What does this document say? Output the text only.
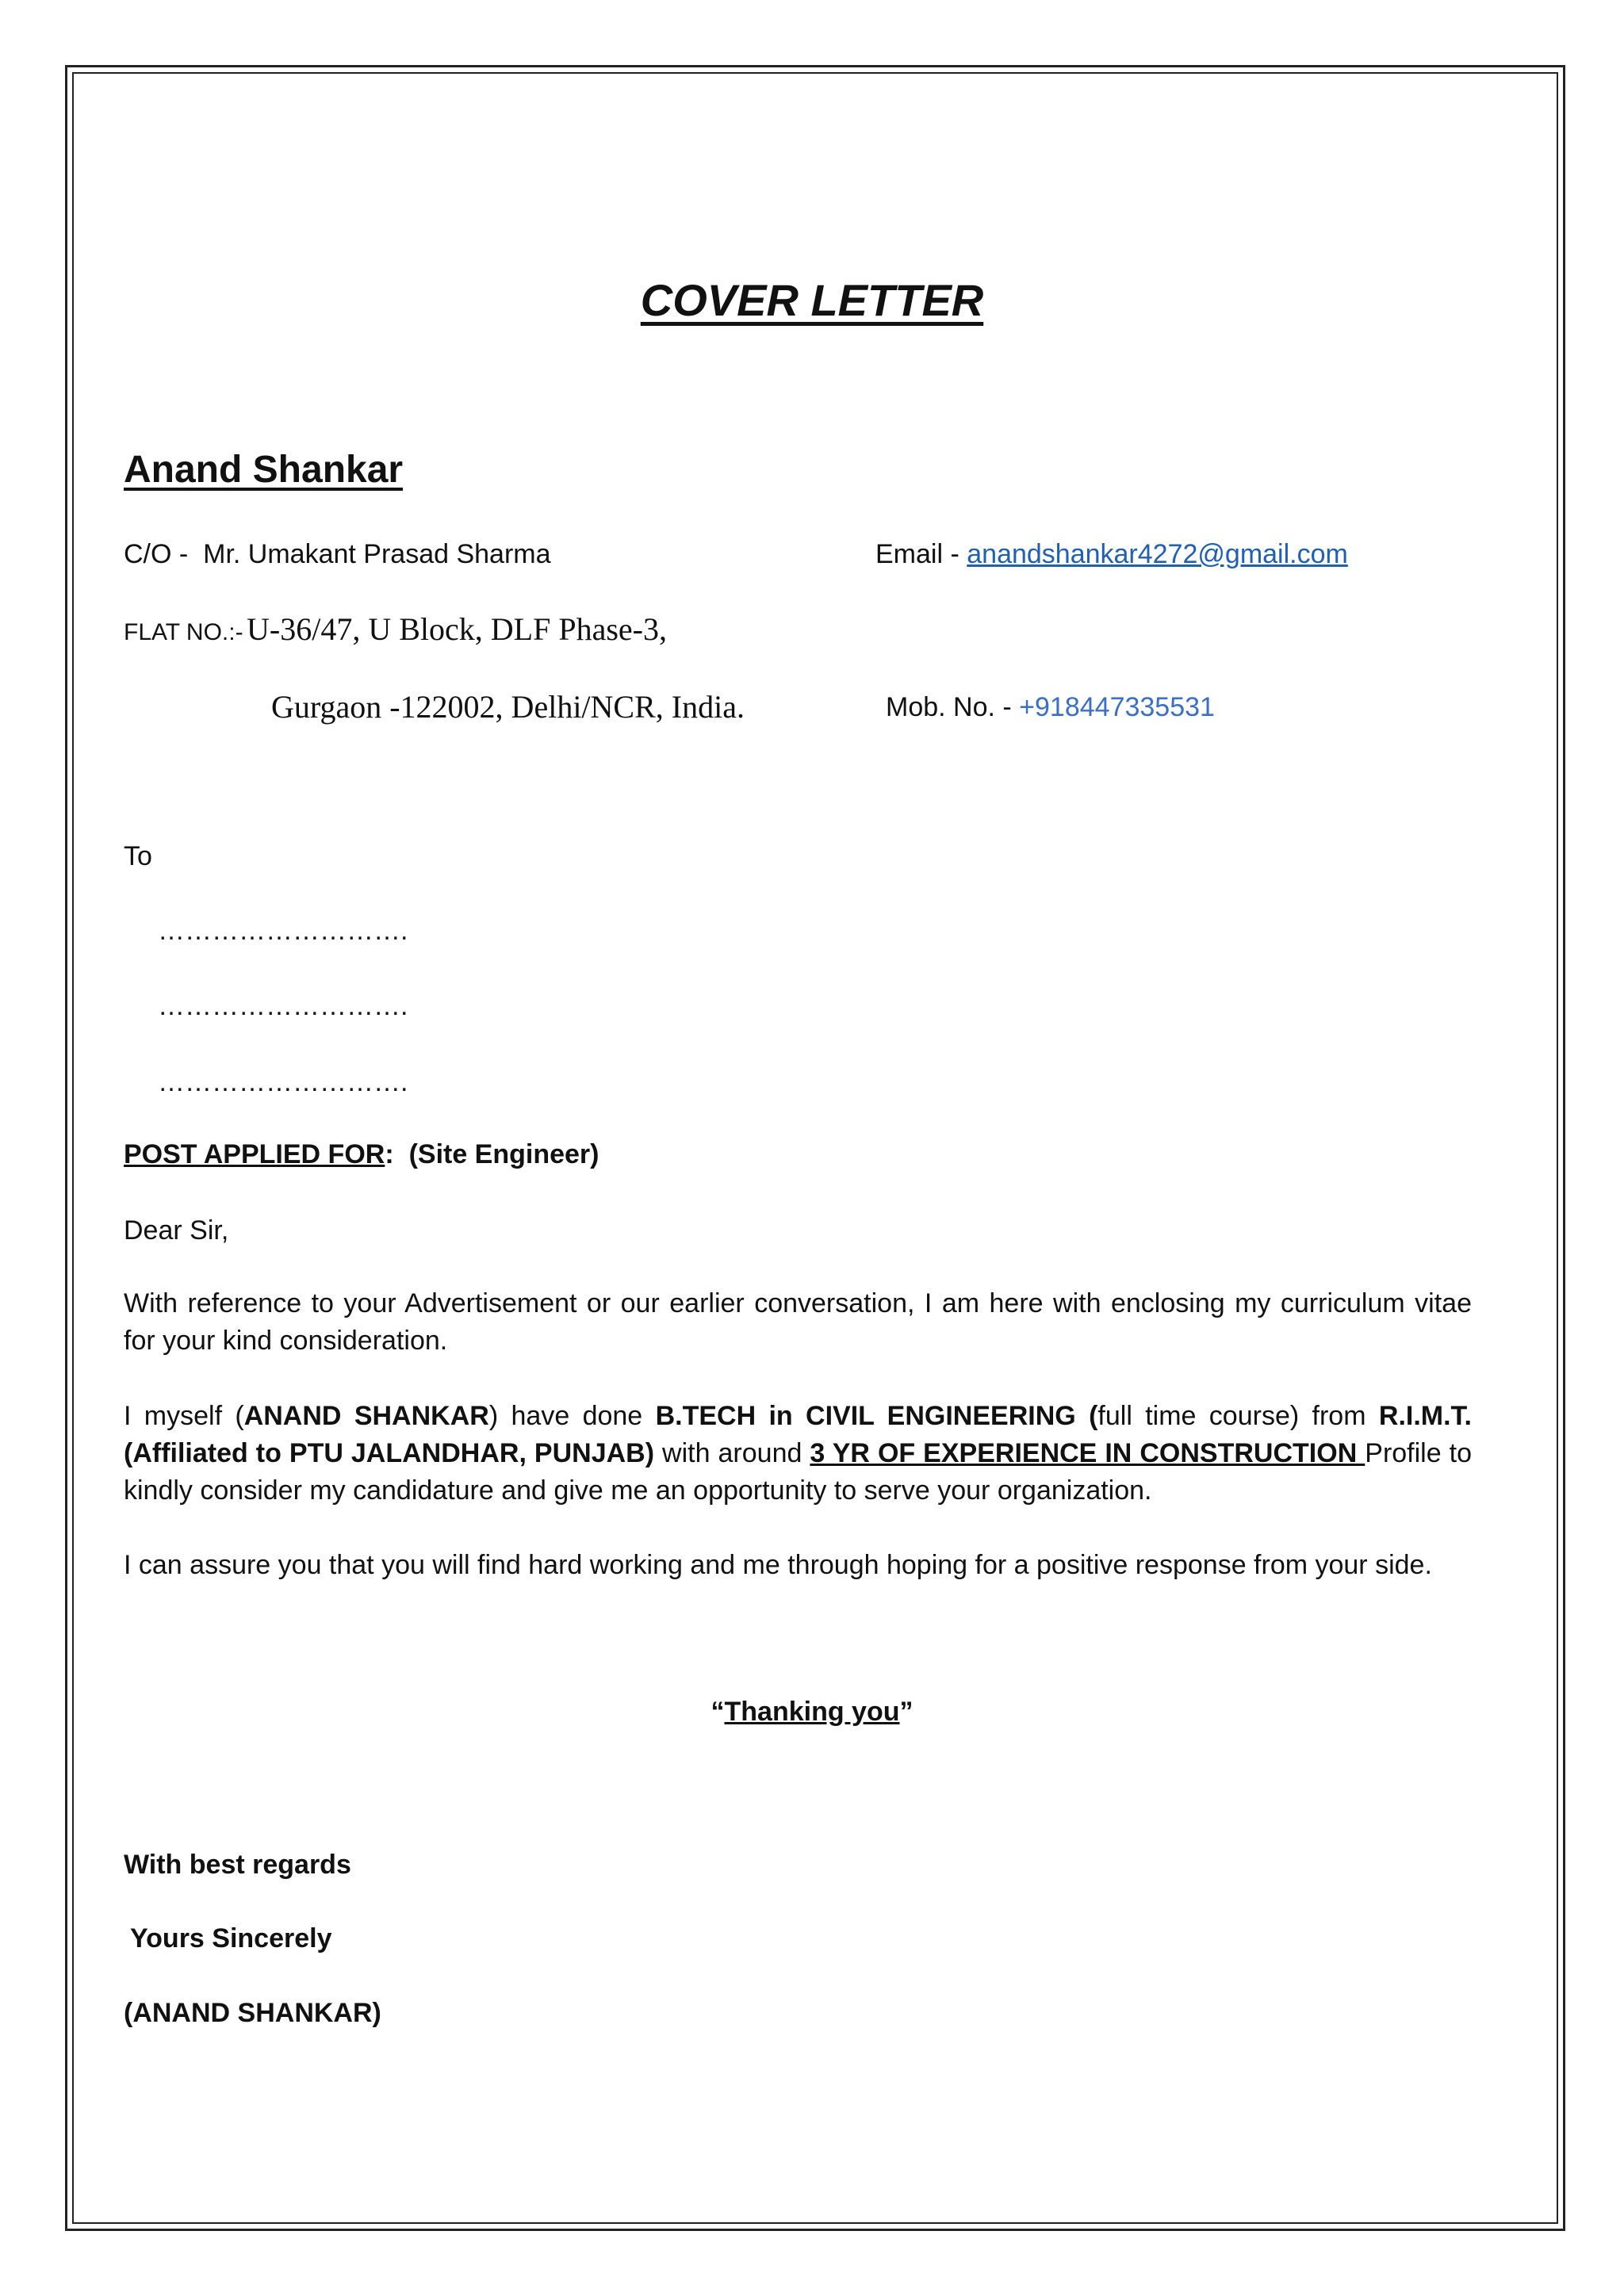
COVER LETTER
Anand Shankar
C/O - Mr. Umakant Prasad Sharma	Email - anandshankar4272@gmail.com
FLAT NO.:- U-36/47, U Block, DLF Phase-3,
Gurgaon -122002, Delhi/NCR, India.	Mob. No. - +918447335531
To
……………………….
……………………….
……………………….
POST APPLIED FOR: (Site Engineer)
Dear Sir,
With reference to your Advertisement or our earlier conversation, I am here with enclosing my curriculum vitae for your kind consideration.
I myself (ANAND SHANKAR) have done B.TECH in CIVIL ENGINEERING (full time course) from R.I.M.T. (Affiliated to PTU JALANDHAR, PUNJAB) with around 3 YR OF EXPERIENCE IN CONSTRUCTION Profile to kindly consider my candidature and give me an opportunity to serve your organization.
I can assure you that you will find hard working and me through hoping for a positive response from your side.
“Thanking you”
With best regards
Yours Sincerely
(ANAND SHANKAR)
